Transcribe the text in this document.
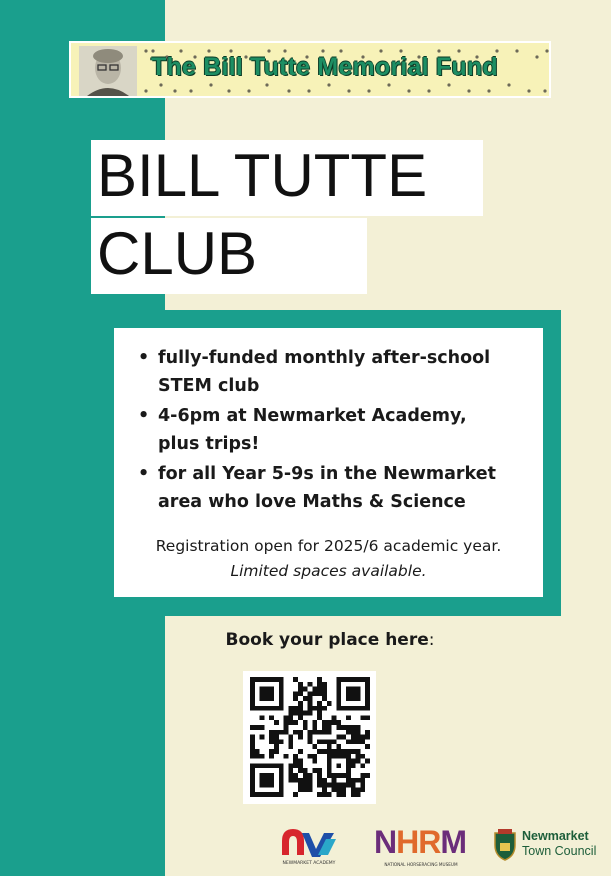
The Bill Tutte Memorial Fund
BILL TUTTE
CLUB
• fully-funded monthly after-school
STEM club
• 4-6pm at Newmarket Academy,
plus trips!
• for all Year 5-9s in the Newmarket
area who love Maths & Science
Registration open for 2025/6 academic year.
Limited spaces available.
Book your place here:
NEWMARKET ACADEMY
NHRM
NATIONAL HORSERACING MUSEUM
Newmarket
Town Council
